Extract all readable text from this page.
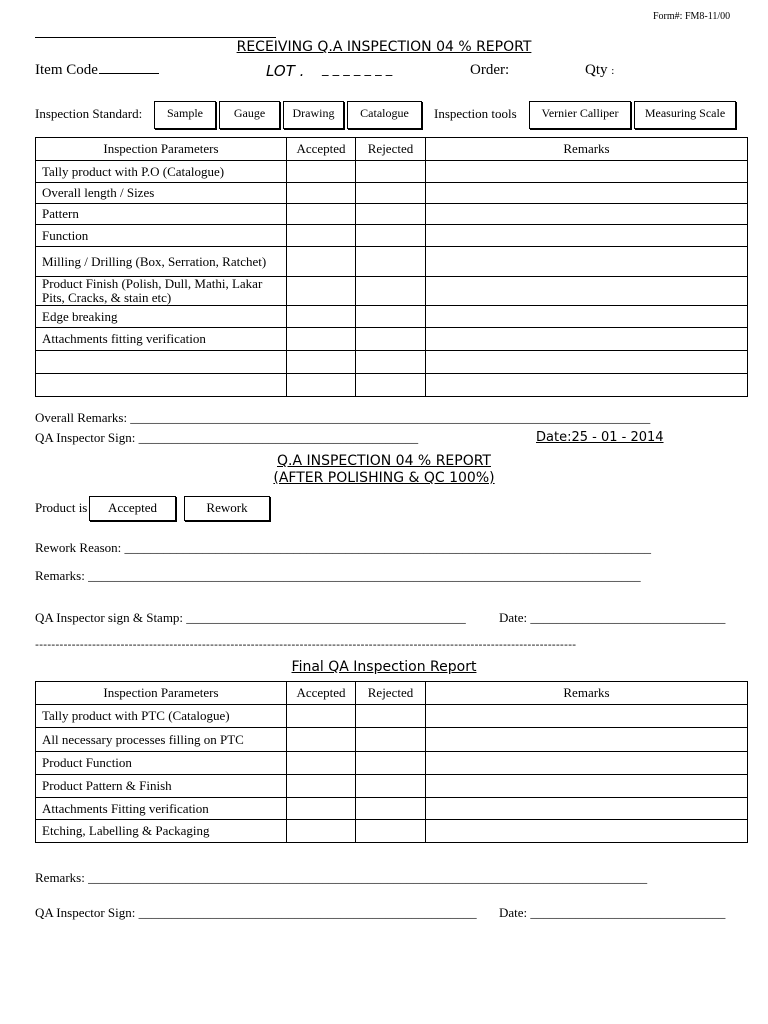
Form#: FM8-11/00
RECEIVING Q.A INSPECTION 04 % REPORT
Item Code	LOT . _ _ _ _ _ _ _	Order:	Qty :
Inspection Standard:	Sample	Gauge	Drawing	Catalogue	Inspection tools	Vernier Calliper	Measuring Scale
Inspection Parameters	Accepted	Rejected	Remarks
Tally product with P.O (Catalogue)			
Overall length / Sizes			
Pattern			
Function			
Milling / Drilling (Box, Serration, Ratchet)			
Product Finish (Polish, Dull, Mathi, Lakar Pits, Cracks, & stain etc)			
Edge breaking			
Attachments fitting verification			

Overall Remarks: ________________________________________________________________________________
QA Inspector Sign: ___________________________________________	Date:25 - 01 - 2014
Q.A INSPECTION 04 % REPORT
(AFTER POLISHING & QC 100%)
Product is	Accepted	Rework
Rework Reason: _________________________________________________________________________________
Remarks: _____________________________________________________________________________________
QA Inspector sign & Stamp: ___________________________________________	Date: ______________________________
-------------------------------------------------------------------------------------------------------------------------------------
Final QA Inspection Report
Inspection Parameters	Accepted	Rejected	Remarks
Tally product with PTC (Catalogue)			
All necessary processes filling on PTC			
Product Function			
Product Pattern & Finish			
Attachments Fitting verification			
Etching, Labelling & Packaging			
Remarks: ______________________________________________________________________________________
QA Inspector Sign: ____________________________________________________ Date: ______________________________
